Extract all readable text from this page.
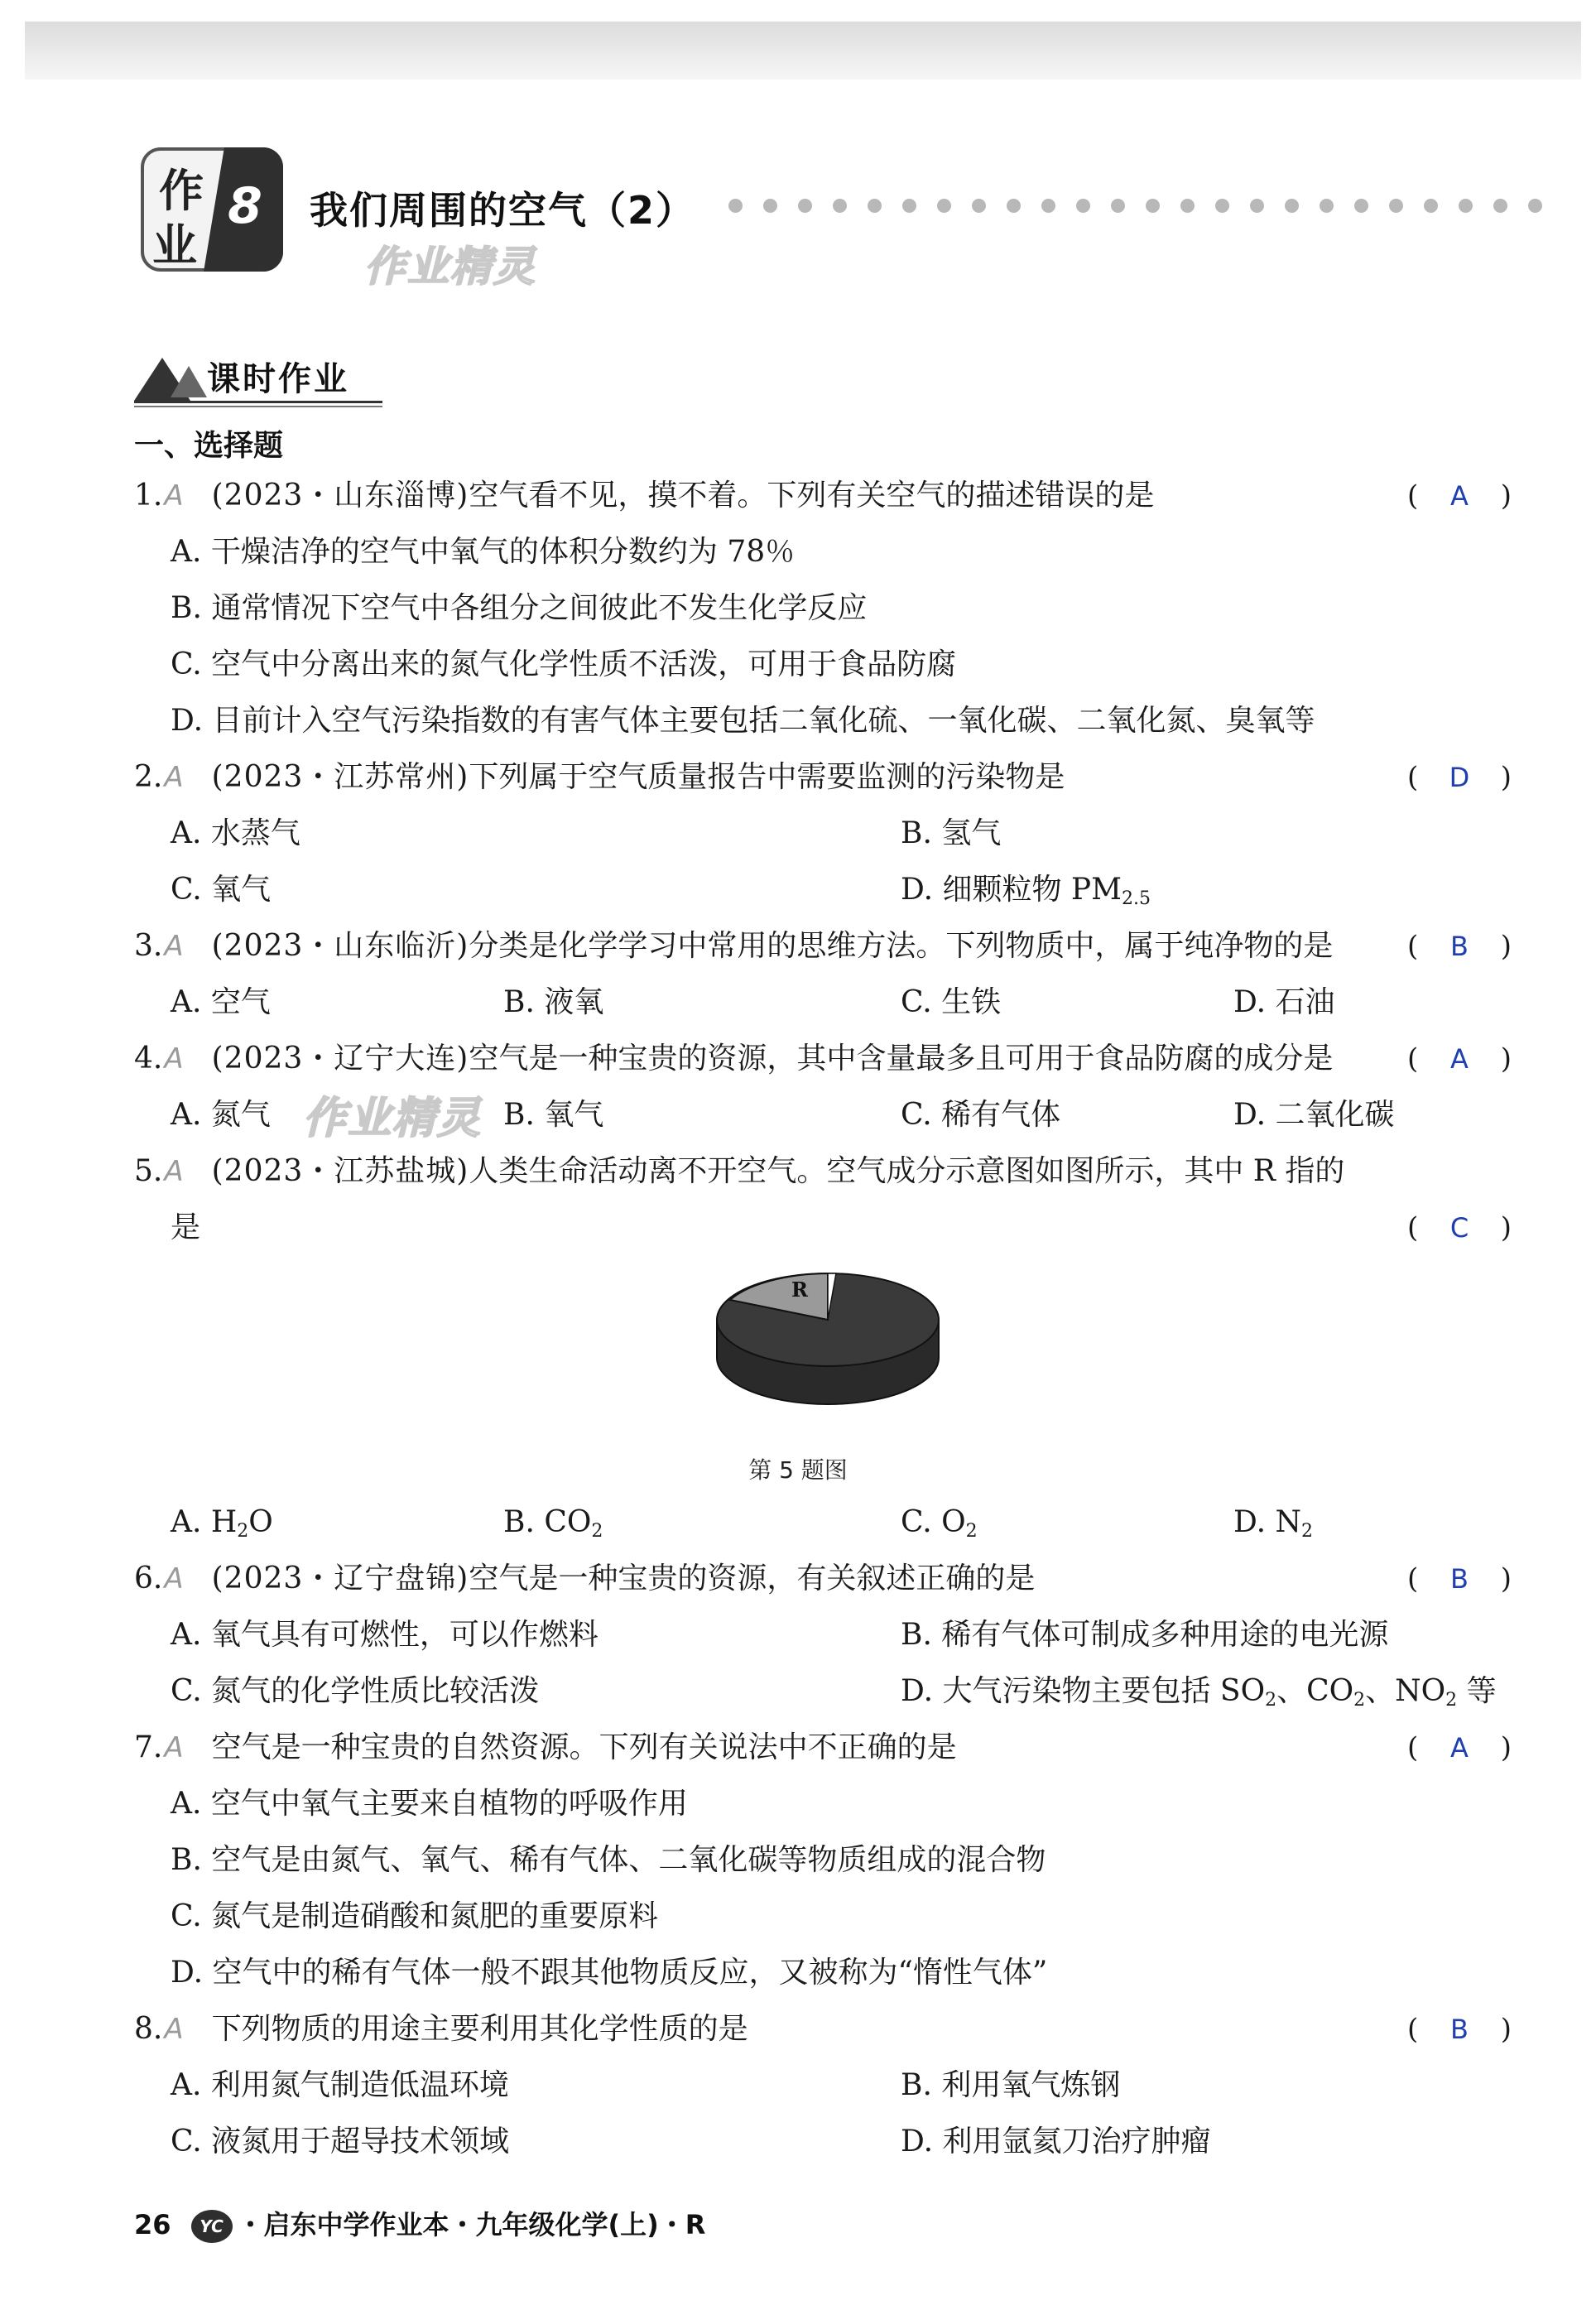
作
业
8 我们周围的空气（2）
作业精灵
作业精灵
课时作业
一、选择题
1.A (2023・山东淄博)空气看不见，摸不着。下列有关空气的描述错误的是	(	A	)
A. 干燥洁净的空气中氧气的体积分数约为 78％
B. 通常情况下空气中各组分之间彼此不发生化学反应
C. 空气中分离出来的氮气化学性质不活泼，可用于食品防腐
D. 目前计入空气污染指数的有害气体主要包括二氧化硫、一氧化碳、二氧化氮、臭氧等
2.A (2023・江苏常州)下列属于空气质量报告中需要监测的污染物是	(	D	)
A. 水蒸气	B. 氢气
C. 氧气	D. 细颗粒物 $PM_{2.5}$
3.A (2023・山东临沂)分类是化学学习中常用的思维方法。下列物质中，属于纯净物的是	(	B	)
A. 空气	B. 液氧	C. 生铁	D. 石油
4.A (2023・辽宁大连)空气是一种宝贵的资源，其中含量最多且可用于食品防腐的成分是	(	A	)
A. 氮气	B. 氧气	C. 稀有气体	D. 二氧化碳
5.A (2023・江苏盐城)人类生命活动离不开空气。空气成分示意图如图所示，其中 R 指的
是	(	C	)
R
第 5 题图
A. $H_2O$	B. $CO_2$	C. $O_2$	D. $N_2$
6.A (2023・辽宁盘锦)空气是一种宝贵的资源，有关叙述正确的是	(	B	)
A. 氧气具有可燃性，可以作燃料	B. 稀有气体可制成多种用途的电光源
C. 氮气的化学性质比较活泼	D. 大气污染物主要包括 $SO_2$、$CO_2$、$NO_2$ 等
7.A 空气是一种宝贵的自然资源。下列有关说法中不正确的是	(	A	)
A. 空气中氧气主要来自植物的呼吸作用
B. 空气是由氮气、氧气、稀有气体、二氧化碳等物质组成的混合物
C. 氮气是制造硝酸和氮肥的重要原料
D. 空气中的稀有气体一般不跟其他物质反应，又被称为“惰性气体”
8.A 下列物质的用途主要利用其化学性质的是	(	B	)
A. 利用氮气制造低温环境	B. 利用氧气炼钢
C. 液氮用于超导技术领域	D. 利用氩氦刀治疗肿瘤
26 YC ・启东中学作业本・九年级化学(上)・R
